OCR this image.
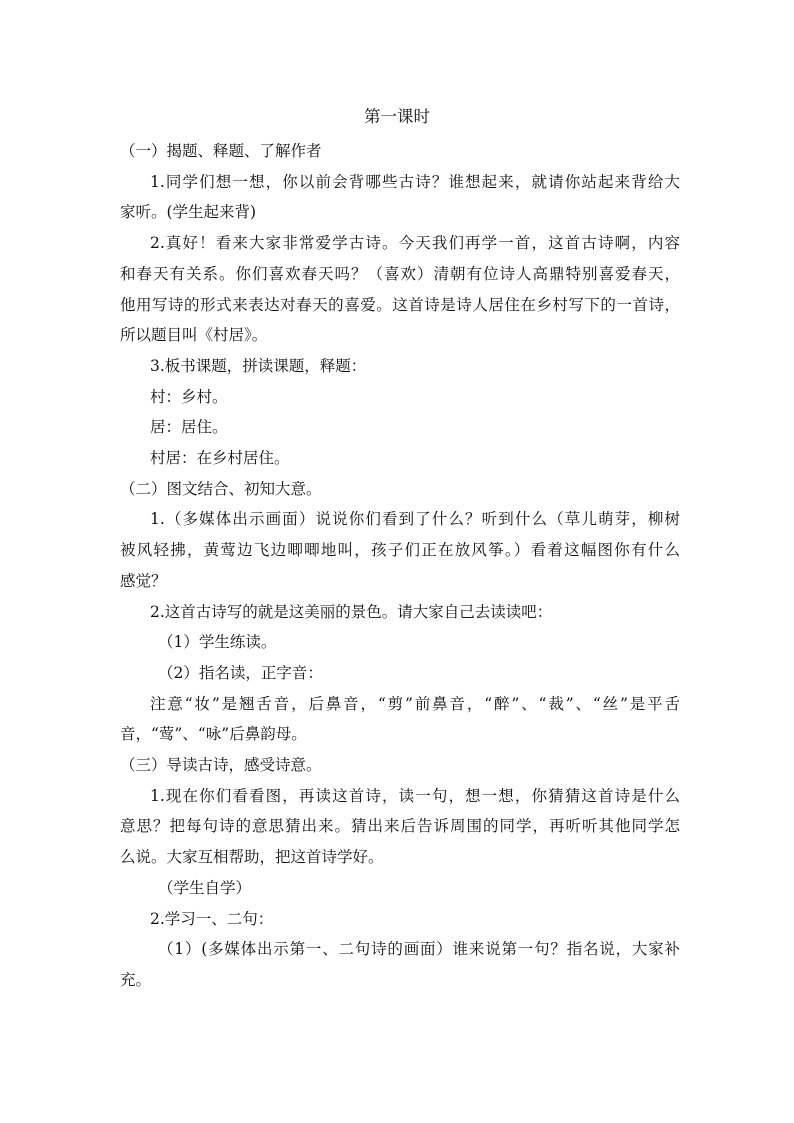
第一课时
（一）揭题、释题、了解作者
1.同学们想一想，你以前会背哪些古诗？谁想起来，就请你站起来背给大
家听。(学生起来背)
2.真好！看来大家非常爱学古诗。今天我们再学一首，这首古诗啊，内容
和春天有关系。你们喜欢春天吗？（喜欢）清朝有位诗人高鼎特别喜爱春天，
他用写诗的形式来表达对春天的喜爱。这首诗是诗人居住在乡村写下的一首诗，
所以题目叫《村居》。
3.板书课题，拼读课题，释题：
村：乡村。
居：居住。
村居：在乡村居住。
（二）图文结合、初知大意。
1.（多媒体出示画面）说说你们看到了什么？听到什么（草儿萌芽，柳树
被风轻拂，黄莺边飞边唧唧地叫，孩子们正在放风筝。）看着这幅图你有什么
感觉？
2.这首古诗写的就是这美丽的景色。请大家自己去读读吧：
（1）学生练读。
（2）指名读，正字音：
注意“妆”是翘舌音，后鼻音，“剪”前鼻音，“醉”、“裁”、“丝”是平舌
音，“莺”、“咏”后鼻韵母。
（三）导读古诗，感受诗意。
1.现在你们看看图，再读这首诗，读一句，想一想，你猜猜这首诗是什么
意思？把每句诗的意思猜出来。猜出来后告诉周围的同学，再听听其他同学怎
么说。大家互相帮助，把这首诗学好。
（学生自学）
2.学习一、二句：
（1）(多媒体出示第一、二句诗的画面）谁来说第一句？指名说，大家补
充。
